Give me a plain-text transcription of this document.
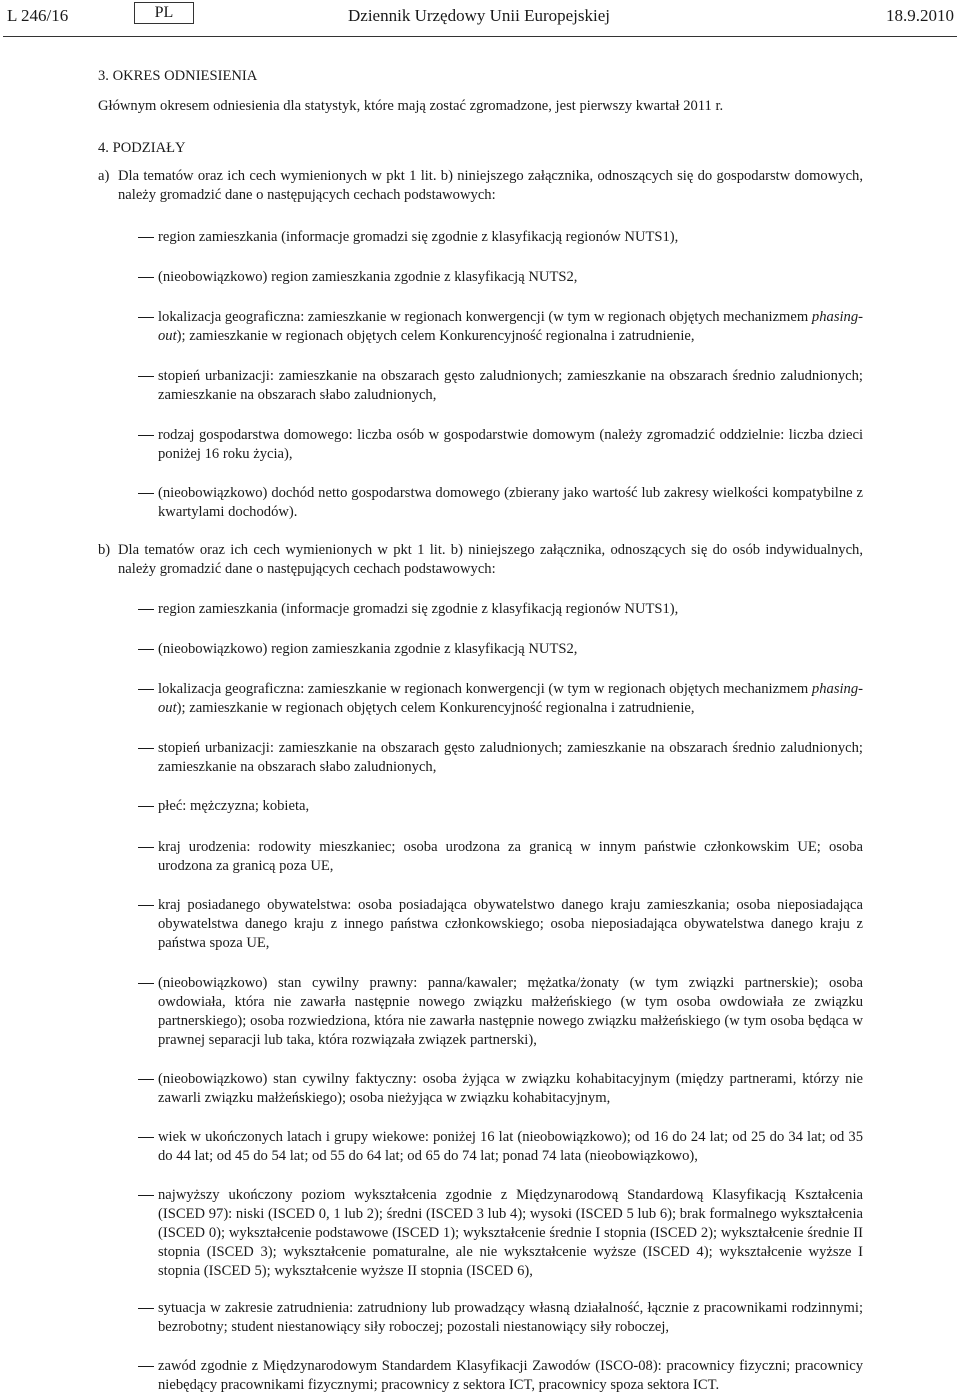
L 246/16	PL	Dziennik Urzędowy Unii Europejskiej	18.9.2010
3. OKRES ODNIESIENIA
Głównym okresem odniesienia dla statystyk, które mają zostać zgromadzone, jest pierwszy kwartał 2011 r.
4. PODZIAŁY
a) Dla tematów oraz ich cech wymienionych w pkt 1 lit. b) niniejszego załącznika, odnoszących się do gospodarstw domowych, należy gromadzić dane o następujących cechach podstawowych:
region zamieszkania (informacje gromadzi się zgodnie z klasyfikacją regionów NUTS1),
(nieobowiązkowo) region zamieszkania zgodnie z klasyfikacją NUTS2,
lokalizacja geograficzna: zamieszkanie w regionach konwergencji (w tym w regionach objętych mechanizmem phasing-out); zamieszkanie w regionach objętych celem Konkurencyjność regionalna i zatrudnienie,
stopień urbanizacji: zamieszkanie na obszarach gęsto zaludnionych; zamieszkanie na obszarach średnio zaludnionych; zamieszkanie na obszarach słabo zaludnionych,
rodzaj gospodarstwa domowego: liczba osób w gospodarstwie domowym (należy zgromadzić oddzielnie: liczba dzieci poniżej 16 roku życia),
(nieobowiązkowo) dochód netto gospodarstwa domowego (zbierany jako wartość lub zakresy wielkości kompatybilne z kwartylami dochodów).
b) Dla tematów oraz ich cech wymienionych w pkt 1 lit. b) niniejszego załącznika, odnoszących się do osób indywidualnych, należy gromadzić dane o następujących cechach podstawowych:
region zamieszkania (informacje gromadzi się zgodnie z klasyfikacją regionów NUTS1),
(nieobowiązkowo) region zamieszkania zgodnie z klasyfikacją NUTS2,
lokalizacja geograficzna: zamieszkanie w regionach konwergencji (w tym w regionach objętych mechanizmem phasing-out); zamieszkanie w regionach objętych celem Konkurencyjność regionalna i zatrudnienie,
stopień urbanizacji: zamieszkanie na obszarach gęsto zaludnionych; zamieszkanie na obszarach średnio zaludnionych; zamieszkanie na obszarach słabo zaludnionych,
płeć: mężczyzna; kobieta,
kraj urodzenia: rodowity mieszkaniec; osoba urodzona za granicą w innym państwie członkowskim UE; osoba urodzona za granicą poza UE,
kraj posiadanego obywatelstwa: osoba posiadająca obywatelstwo danego kraju zamieszkania; osoba nieposiadająca obywatelstwa danego kraju z innego państwa członkowskiego; osoba nieposiadająca obywatelstwa danego kraju z państwa spoza UE,
(nieobowiązkowo) stan cywilny prawny: panna/kawaler; mężatka/żonaty (w tym związki partnerskie); osoba owdowiała, która nie zawarła następnie nowego związku małżeńskiego (w tym osoba owdowiała ze związku partnerskiego); osoba rozwiedziona, która nie zawarła następnie nowego związku małżeńskiego (w tym osoba będąca w prawnej separacji lub taka, która rozwiązała związek partnerski),
(nieobowiązkowo) stan cywilny faktyczny: osoba żyjąca w związku kohabitacyjnym (między partnerami, którzy nie zawarli związku małżeńskiego); osoba nieżyjąca w związku kohabitacyjnym,
wiek w ukończonych latach i grupy wiekowe: poniżej 16 lat (nieobowiązkowo); od 16 do 24 lat; od 25 do 34 lat; od 35 do 44 lat; od 45 do 54 lat; od 55 do 64 lat; od 65 do 74 lat; ponad 74 lata (nieobowiązkowo),
najwyższy ukończony poziom wykształcenia zgodnie z Międzynarodową Standardową Klasyfikacją Kształcenia (ISCED 97): niski (ISCED 0, 1 lub 2); średni (ISCED 3 lub 4); wysoki (ISCED 5 lub 6); brak formalnego wykształcenia (ISCED 0); wykształcenie podstawowe (ISCED 1); wykształcenie średnie I stopnia (ISCED 2); wykształcenie średnie II stopnia (ISCED 3); wykształcenie pomaturalne, ale nie wykształcenie wyższe (ISCED 4); wykształcenie wyższe I stopnia (ISCED 5); wykształcenie wyższe II stopnia (ISCED 6),
sytuacja w zakresie zatrudnienia: zatrudniony lub prowadzący własną działalność, łącznie z pracownikami rodzinnymi; bezrobotny; student niestanowiący siły roboczej; pozostali niestanowiący siły roboczej,
zawód zgodnie z Międzynarodowym Standardem Klasyfikacji Zawodów (ISCO-08): pracownicy fizyczni; pracownicy niebędący pracownikami fizycznymi; pracownicy z sektora ICT, pracownicy spoza sektora ICT.
